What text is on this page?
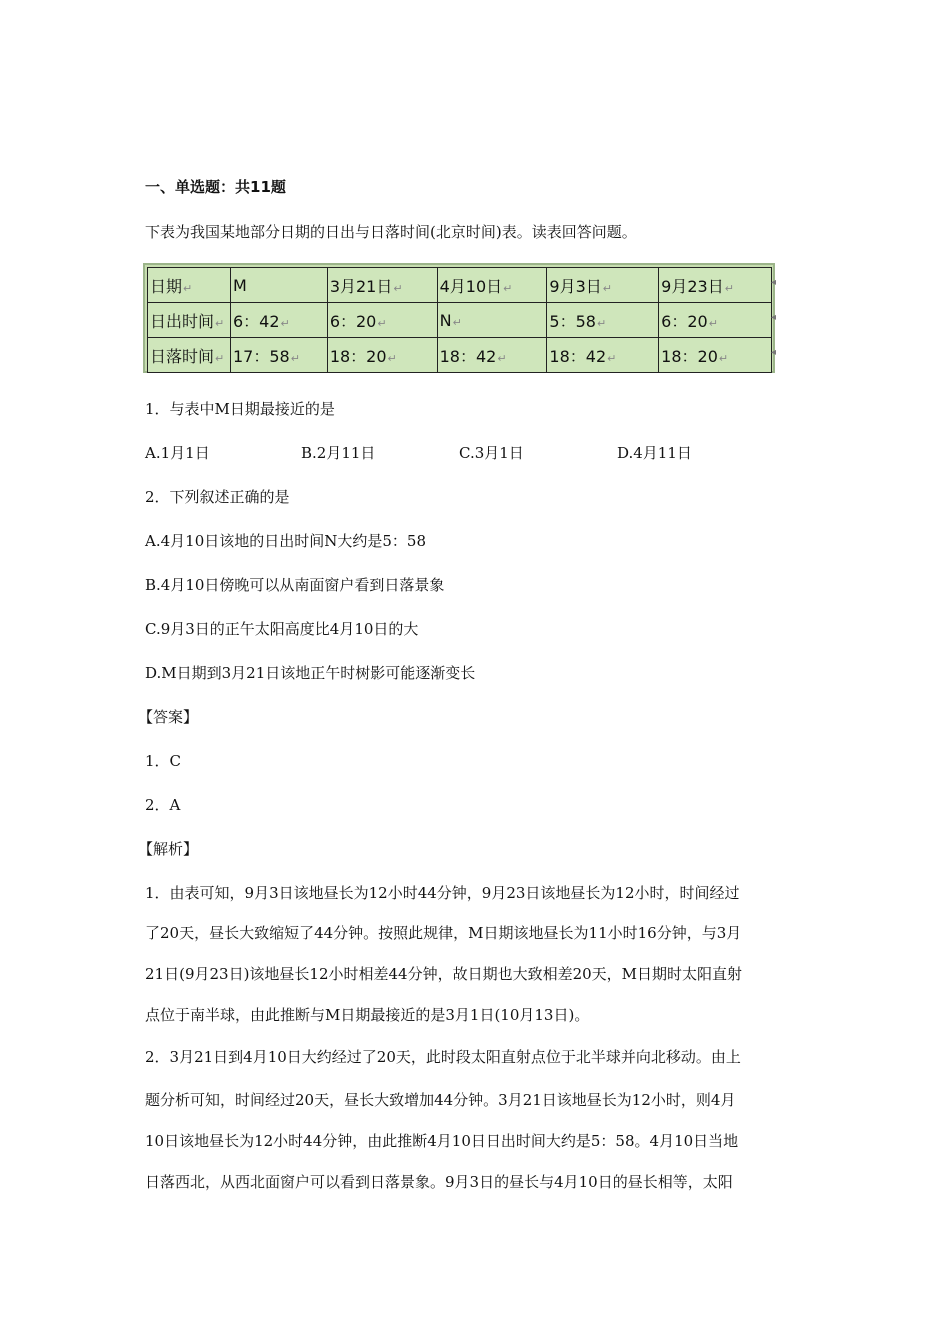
一、单选题：共11题
下表为我国某地部分日期的日出与日落时间(北京时间)表。读表回答问题。
日期↵	M	3月21日↵	4月10日↵	9月3日↵	9月23日↵
日出时间↵	6：42↵	6：20↵	N↵	5：58↵	6：20↵
日落时间↵	17：58↵	18：20↵	18：42↵	18：42↵	18：20↵
◂
◂
◂
1．与表中M日期最接近的是
A.1月1日	B.2月11日	C.3月1日	D.4月11日
2．下列叙述正确的是
A.4月10日该地的日出时间N大约是5：58
B.4月10日傍晚可以从南面窗户看到日落景象
C.9月3日的正午太阳高度比4月10日的大
D.M日期到3月21日该地正午时树影可能逐渐变长
【答案】
1．C
2．A
【解析】
1．由表可知，9月3日该地昼长为12小时44分钟，9月23日该地昼长为12小时，时间经过
了20天，昼长大致缩短了44分钟。按照此规律，M日期该地昼长为11小时16分钟，与3月
21日(9月23日)该地昼长12小时相差44分钟，故日期也大致相差20天，M日期时太阳直射
点位于南半球，由此推断与M日期最接近的是3月1日(10月13日)。
2．3月21日到4月10日大约经过了20天，此时段太阳直射点位于北半球并向北移动。由上
题分析可知，时间经过20天，昼长大致增加44分钟。3月21日该地昼长为12小时，则4月
10日该地昼长为12小时44分钟，由此推断4月10日日出时间大约是5：58。4月10日当地
日落西北，从西北面窗户可以看到日落景象。9月3日的昼长与4月10日的昼长相等，太阳
